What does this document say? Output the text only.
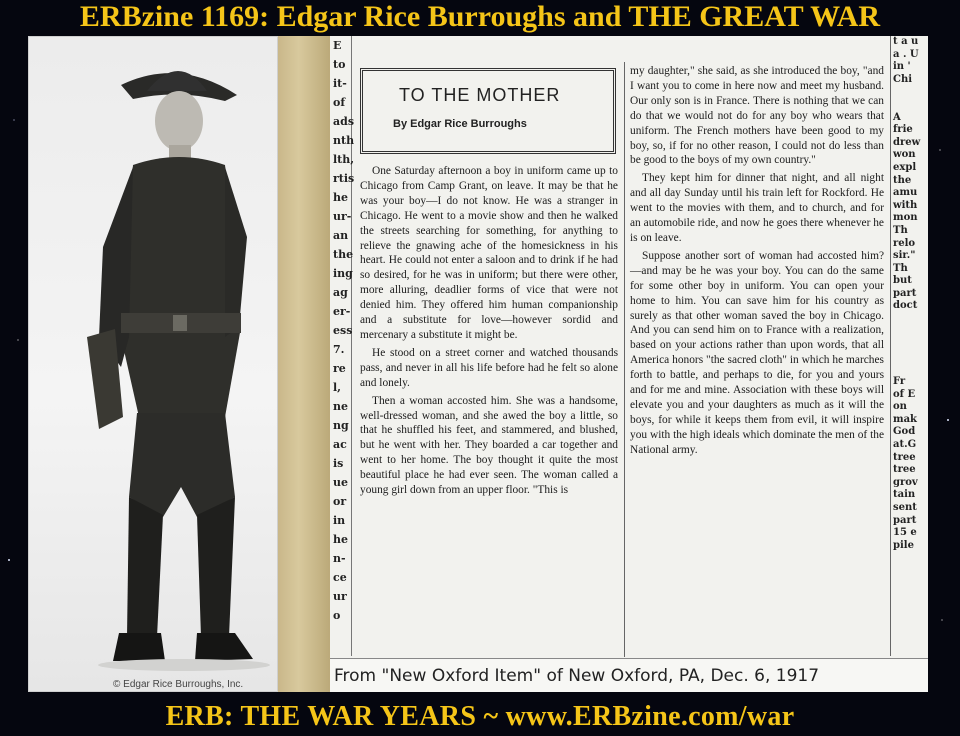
ERBzine 1169: Edgar Rice Burroughs and THE GREAT WAR
© Edgar Rice Burroughs, Inc.
E
to
it-
of
ads
nth
lth,
rtis
he
ur-
an
the
ing
ag
er-
ess
7.
re
l,
ne
ng
ac
is
ue
or
in
he
n-
ce
ur
o
TO THE MOTHER
By Edgar Rice Burroughs

One Saturday afternoon a boy in uniform came up to Chicago from Camp Grant, on leave. It may be that he was your boy—I do not know. He was a stranger in Chicago. He went to a movie show and then he walked the streets searching for something, for anything to relieve the gnawing ache of the homesickness in his heart. He could not enter a saloon and to drink if he had so desired, for he was in uniform; but there were other, more alluring, deadlier forms of vice that were not denied him. They offered him human companionship and a substitute for love—however sordid and mercenary a substitute it might be.

He stood on a street corner and watched thousands pass, and never in all his life before had he felt so alone and lonely.

Then a woman accosted him. She was a handsome, well-dressed woman, and she awed the boy a little, so that he shuffled his feet, and stammered, and blushed, but he went with her. They boarded a car together and went to her home. The boy thought it quite the most beautiful place he had ever seen. The woman called a young girl down from an upper floor. "This is

my daughter," she said, as she introduced the boy, "and I want you to come in here now and meet my husband. Our only son is in France. There is nothing that we can do that we would not do for any boy who wears that uniform. The French mothers have been good to my boy, so, if for no other reason, I could not do less than be good to the boys of my own country."

They kept him for dinner that night, and all night and all day Sunday until his train left for Rockford. He went to the movies with them, and to church, and for an automobile ride, and now he goes there whenever he is on leave.

Suppose another sort of woman had accosted him?—and may be he was your boy. You can do the same for some other boy in uniform. You can open your home to him. You can save him for his country as surely as that other woman saved the boy in Chicago. And you can send him on to France with a realization, based on your actions rather than upon words, that all America honors "the sacred cloth" in which he marches forth to battle, and perhaps to die, for you and yours and for me and mine. Association with these boys will elevate you and your daughters as much as it will the boys, for while it keeps them from evil, it will inspire you with the high ideals which dominate the men of the National army.

t a u
a . U
in '
Chi

A
frie
drew
won
expl
the
amu
with
mon
Th
relo
sir."
Th
but
part
doct

Fr
of E
on
mak
God
at.G
tree
tree
grov
tain
sent
part
15 e
pile
From "New Oxford Item" of New Oxford, PA, Dec. 6, 1917
ERB: THE WAR YEARS ~ www.ERBzine.com/war
